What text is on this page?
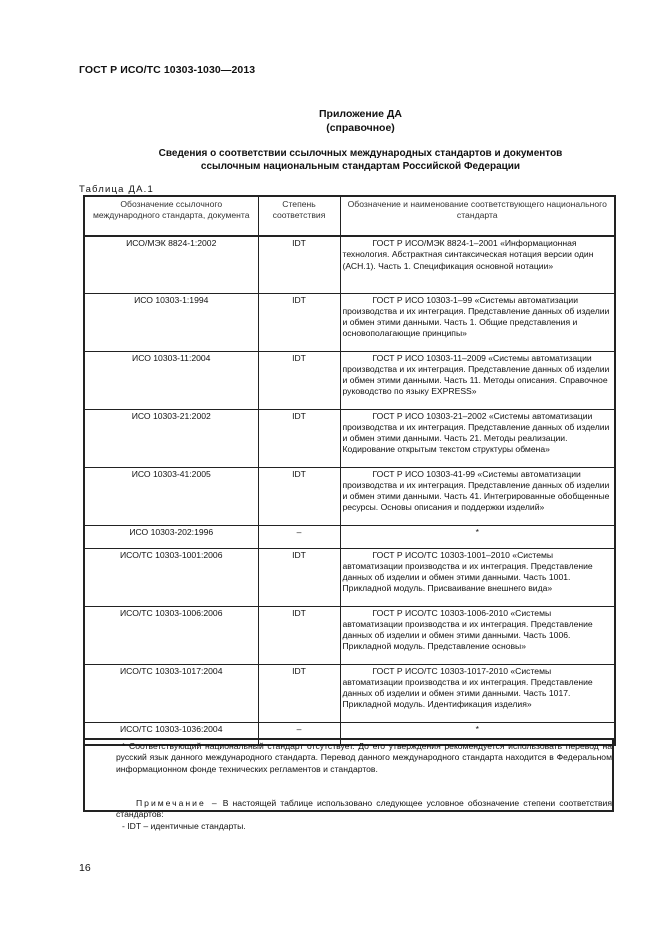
ГОСТ Р ИСО/ТС 10303-1030—2013
Приложение ДА
(справочное)
Сведения о соответствии ссылочных международных стандартов и документов
ссылочным национальным стандартам Российской Федерации
Таблица ДА.1
Обозначение ссылочного международного стандарта, документа	Степень соответствия	Обозначение и наименование соответствующего национального стандарта
ИСО/МЭК 8824-1:2002	IDT	ГОСТ Р ИСО/МЭК 8824-1–2001 «Информационная технология. Абстрактная синтаксическая нотация версии один (АСН.1). Часть 1. Спецификация основной нотации»
ИСО 10303-1:1994	IDT	ГОСТ Р ИСО 10303-1–99 «Системы автоматизации производства и их интеграция. Представление данных об изделии и обмен этими данными. Часть 1. Общие представления и основополагающие принципы»
ИСО 10303-11:2004	IDT	ГОСТ Р ИСО 10303-11–2009 «Системы автоматизации производства и их интеграция. Представление данных об изделии и обмен этими данными. Часть 11. Методы описания. Справочное руководство по языку EXPRESS»
ИСО 10303-21:2002	IDT	ГОСТ Р ИСО 10303-21–2002 «Системы автоматизации производства и их интеграция. Представление данных об изделии и обмен этими данными. Часть 21. Методы реализации. Кодирование открытым текстом структуры обмена»
ИСО 10303-41:2005	IDT	ГОСТ Р ИСО 10303-41-99 «Системы автоматизации производства и их интеграция. Представление данных об изделии и обмен этими данными. Часть 41. Интегрированные обобщенные ресурсы. Основы описания и поддержки изделий»
ИСО 10303-202:1996	–	*

ИСО/ТС 10303-1001:2006	IDT	ГОСТ Р ИСО/ТС 10303-1001–2010 «Системы автоматизации производства и их интеграция. Представление данных об изделии и обмен этими данными. Часть 1001. Прикладной модуль. Присваивание внешнего вида»
ИСО/ТС 10303-1006:2006	IDT	ГОСТ Р ИСО/ТС 10303-1006-2010 «Системы автоматизации производства и их интеграция. Представление данных об изделии и обмен этими данными. Часть 1006. Прикладной модуль. Представление основы»
ИСО/ТС 10303-1017:2004	IDT	ГОСТ Р ИСО/ТС 10303-1017-2010 «Системы автоматизации производства и их интеграция. Представление данных об изделии и обмен этими данными. Часть 1017. Прикладной модуль. Идентификация изделия»
ИСО/ТС 10303-1036:2004	–	*
* Соответствующий национальный стандарт отсутствует. До его утверждения рекомендуется использовать перевод на русский язык данного международного стандарта. Перевод данного международного стандарта находится в Федеральном информационном фонде технических регламентов и стандартов.
Примечание – В настоящей таблице использовано следующее условное обозначение степени соответствия стандартов:
- IDT – идентичные стандарты.
16
